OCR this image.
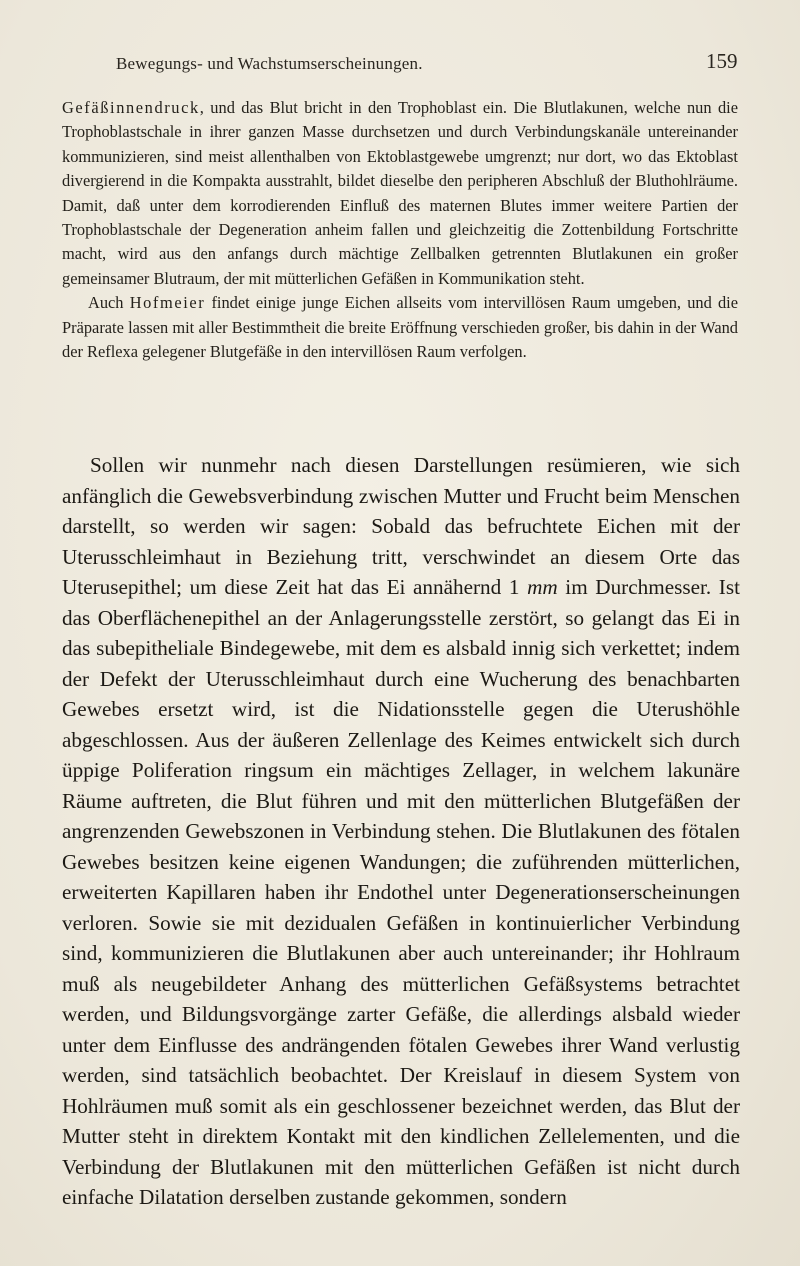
Bewegungs- und Wachstumserscheinungen.	159

Gefäßinnendruck, und das Blut bricht in den Trophoblast ein. Die Blutlakunen, welche nun die Trophoblastschale in ihrer ganzen Masse durchsetzen und durch Verbindungskanäle untereinander kommunizieren, sind meist allenthalben von Ektoblastgewebe umgrenzt; nur dort, wo das Ektoblast divergierend in die Kompakta ausstrahlt, bildet dieselbe den peripheren Abschluß der Bluthohlräume. Damit, daß unter dem korrodierenden Einfluß des maternen Blutes immer weitere Partien der Trophoblastschale der Degeneration anheim fallen und gleichzeitig die Zottenbildung Fortschritte macht, wird aus den anfangs durch mächtige Zellbalken getrennten Blutlakunen ein großer gemeinsamer Blutraum, der mit mütterlichen Gefäßen in Kommunikation steht.

Auch Hofmeier findet einige junge Eichen allseits vom intervillösen Raum umgeben, und die Präparate lassen mit aller Bestimmtheit die breite Eröffnung verschieden großer, bis dahin in der Wand der Reflexa gelegener Blutgefäße in den intervillösen Raum verfolgen.

Sollen wir nunmehr nach diesen Darstellungen resümieren, wie sich anfänglich die Gewebsverbindung zwischen Mutter und Frucht beim Menschen darstellt, so werden wir sagen: Sobald das befruchtete Eichen mit der Uterusschleimhaut in Beziehung tritt, verschwindet an diesem Orte das Uterusepithel; um diese Zeit hat das Ei annähernd 1 mm im Durchmesser. Ist das Oberflächenepithel an der Anlagerungsstelle zerstört, so gelangt das Ei in das subepitheliale Bindegewebe, mit dem es alsbald innig sich verkettet; indem der Defekt der Uterusschleimhaut durch eine Wucherung des benachbarten Gewebes ersetzt wird, ist die Nidationsstelle gegen die Uterushöhle abgeschlossen. Aus der äußeren Zellenlage des Keimes entwickelt sich durch üppige Poliferation ringsum ein mächtiges Zellager, in welchem lakunäre Räume auftreten, die Blut führen und mit den mütterlichen Blutgefäßen der angrenzenden Gewebszonen in Verbindung stehen. Die Blutlakunen des fötalen Gewebes besitzen keine eigenen Wandungen; die zuführenden mütterlichen, erweiterten Kapillaren haben ihr Endothel unter Degenerationserscheinungen verloren. Sowie sie mit dezidualen Gefäßen in kontinuierlicher Verbindung sind, kommunizieren die Blutlakunen aber auch untereinander; ihr Hohlraum muß als neugebildeter Anhang des mütterlichen Gefäßsystems betrachtet werden, und Bildungsvorgänge zarter Gefäße, die allerdings alsbald wieder unter dem Einflusse des andrängenden fötalen Gewebes ihrer Wand verlustig werden, sind tatsächlich beobachtet. Der Kreislauf in diesem System von Hohlräumen muß somit als ein geschlossener bezeichnet werden, das Blut der Mutter steht in direktem Kontakt mit den kindlichen Zellelementen, und die Verbindung der Blutlakunen mit den mütterlichen Gefäßen ist nicht durch einfache Dilatation derselben zustande gekommen, sondern
